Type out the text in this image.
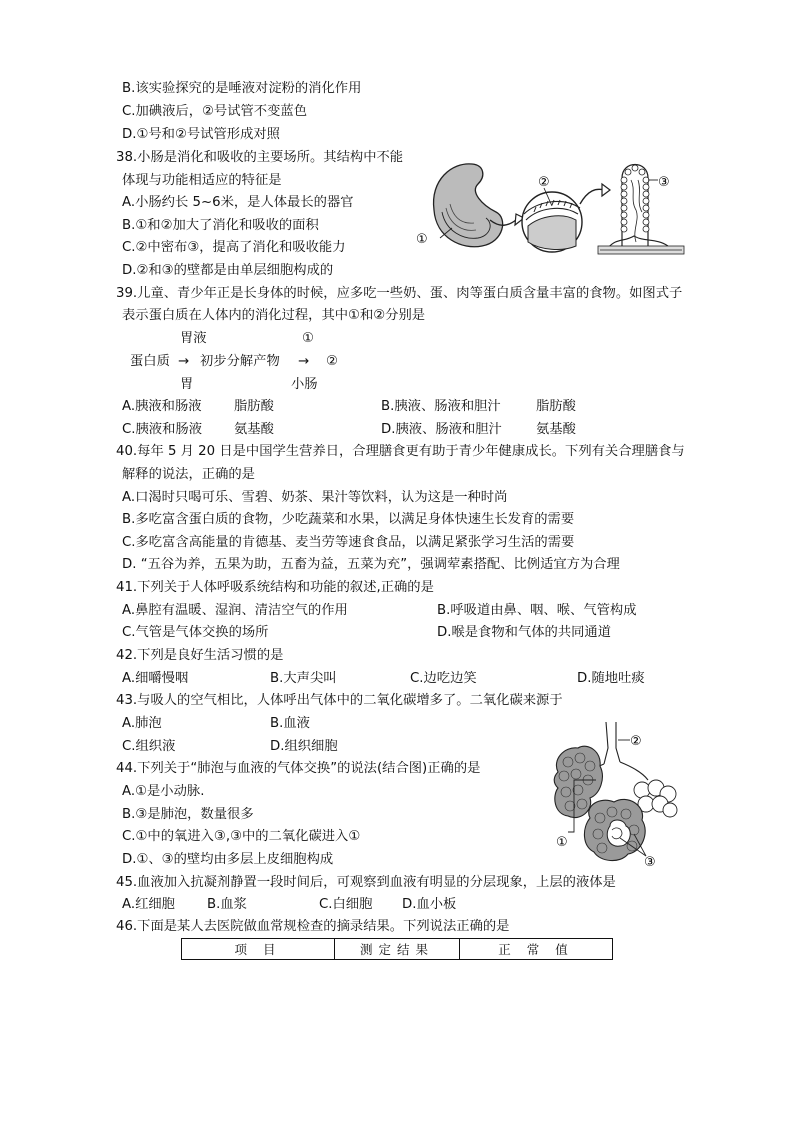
B.该实验探究的是唾液对淀粉的消化作用
C.加碘液后，②号试管不变蓝色
D.①号和②号试管形成对照
38.小肠是消化和吸收的主要场所。其结构中不能
体现与功能相适应的特征是
A.小肠约长 5~6米，是人体最长的器官
B.①和②加大了消化和吸收的面积
C.②中密布③，提高了消化和吸收能力
D.②和③的壁都是由单层细胞构成的
②	③
①
39.儿童、青少年正是长身体的时候，应多吃一些奶、蛋、肉等蛋白质含量丰富的食物。如图式子
表示蛋白质在人体内的消化过程，其中①和②分别是
胃液	①
蛋白质 → 初步分解产物 → ②
胃	小肠
A.胰液和肠液 脂肪酸	B.胰液、肠液和胆汁	脂肪酸
C.胰液和肠液 氨基酸	D.胰液、肠液和胆汁	氨基酸
40.每年 5 月 20 日是中国学生营养日，合理膳食更有助于青少年健康成长。下列有关合理膳食与
解释的说法，正确的是
A.口渴时只喝可乐、雪碧、奶茶、果汁等饮料，认为这是一种时尚
B.多吃富含蛋白质的食物，少吃蔬菜和水果，以满足身体快速生长发育的需要
C.多吃富含高能量的肯德基、麦当劳等速食食品，以满足紧张学习生活的需要
D. “五谷为养，五果为助，五畜为益，五菜为充”，强调荤素搭配、比例适宜方为合理
41.下列关于人体呼吸系统结构和功能的叙述,正确的是
A.鼻腔有温暖、湿润、清洁空气的作用	B.呼吸道由鼻、咽、喉、气管构成
C.气管是气体交换的场所	D.喉是食物和气体的共同通道
42.下列是良好生活习惯的是
A.细嚼慢咽	B.大声尖叫	C.边吃边笑	D.随地吐痰
43.与吸人的空气相比，人体呼出气体中的二氧化碳增多了。二氧化碳来源于
A.肺泡	B.血液
C.组织液	D.组织细胞
44.下列关于“肺泡与血液的气体交换”的说法(结合图)正确的是
A.①是小动脉.
B.③是肺泡，数量很多
C.①中的氧进入③,③中的二氧化碳进入①
D.①、③的壁均由多层上皮细胞构成
②
①
③
45.血液加入抗凝剂静置一段时间后，可观察到血液有明显的分层现象，上层的液体是
A.红细胞 B.血浆	C.白细胞 D.血小板
46.下面是某人去医院做血常规检查的摘录结果。下列说法正确的是
项 目	测定结果	正 常 值
